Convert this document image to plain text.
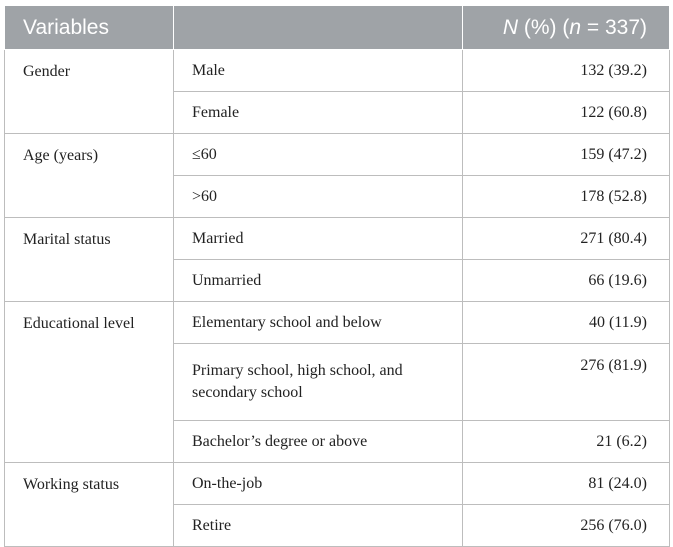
Variables		N (%) (n = 337)
Gender	Male	132 (39.2)
	Female	122 (60.8)
Age (years)	≤60	159 (47.2)
	>60	178 (52.8)
Marital status	Married	271 (80.4)
	Unmarried	66 (19.6)
Educational level	Elementary school and below	40 (11.9)
	Primary school, high school, and secondary school	276 (81.9)
	Bachelor’s degree or above	21 (6.2)
Working status	On-the-job	81 (24.0)
	Retire	256 (76.0)
